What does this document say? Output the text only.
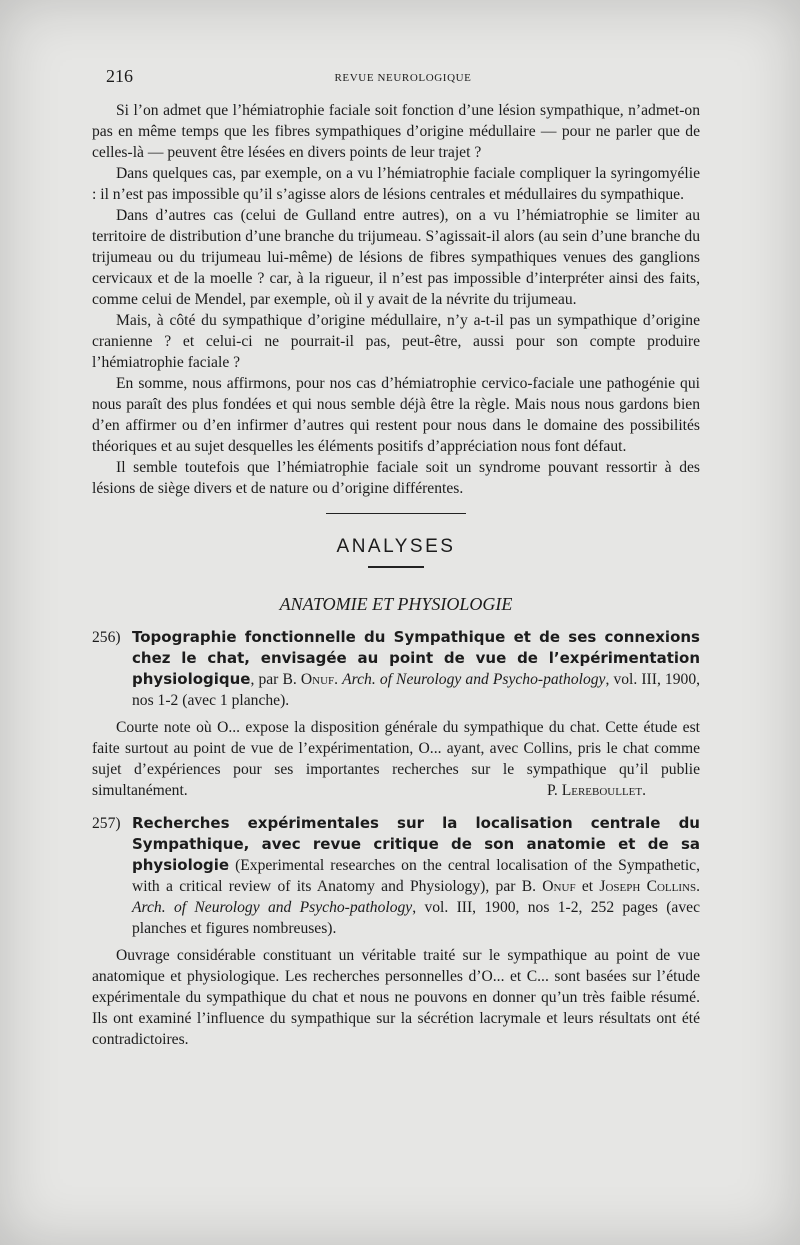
216	REVUE NEUROLOGIQUE

Si l’on admet que l’hémiatrophie faciale soit fonction d’une lésion sympathique, n’admet-on pas en même temps que les fibres sympathiques d’origine médullaire — pour ne parler que de celles-là — peuvent être lésées en divers points de leur trajet ?

Dans quelques cas, par exemple, on a vu l’hémiatrophie faciale compliquer la syringomyélie : il n’est pas impossible qu’il s’agisse alors de lésions centrales et médullaires du sympathique.

Dans d’autres cas (celui de Gulland entre autres), on a vu l’hémiatrophie se limiter au territoire de distribution d’une branche du trijumeau. S’agissait-il alors (au sein d’une branche du trijumeau ou du trijumeau lui-même) de lésions de fibres sympathiques venues des ganglions cervicaux et de la moelle ? car, à la rigueur, il n’est pas impossible d’interpréter ainsi des faits, comme celui de Mendel, par exemple, où il y avait de la névrite du trijumeau.

Mais, à côté du sympathique d’origine médullaire, n’y a-t-il pas un sympathique d’origine cranienne ? et celui-ci ne pourrait-il pas, peut-être, aussi pour son compte produire l’hémiatrophie faciale ?

En somme, nous affirmons, pour nos cas d’hémiatrophie cervico-faciale une pathogénie qui nous paraît des plus fondées et qui nous semble déjà être la règle. Mais nous nous gardons bien d’en affirmer ou d’en infirmer d’autres qui restent pour nous dans le domaine des possibilités théoriques et au sujet desquelles les éléments positifs d’appréciation nous font défaut.

Il semble toutefois que l’hémiatrophie faciale soit un syndrome pouvant ressortir à des lésions de siège divers et de nature ou d’origine différentes.

ANALYSES
ANATOMIE ET PHYSIOLOGIE
256) Topographie fonctionnelle du Sympathique et de ses connexions chez le chat, envisagée au point de vue de l’expérimentation physiologique, par B. Onuf. Arch. of Neurology and Psycho-pathology, vol. III, 1900, nos 1-2 (avec 1 planche).

Courte note où O... expose la disposition générale du sympathique du chat. Cette étude est faite surtout au point de vue de l’expérimentation, O... ayant, avec Collins, pris le chat comme sujet d’expériences pour ses importantes recherches sur le sympathique qu’il publie simultanément.	P. Lereboullet.

257) Recherches expérimentales sur la localisation centrale du Sympathique, avec revue critique de son anatomie et de sa physiologie (Experimental researches on the central localisation of the Sympathetic, with a critical review of its Anatomy and Physiology), par B. Onuf et Joseph Collins. Arch. of Neurology and Psycho-pathology, vol. III, 1900, nos 1-2, 252 pages (avec planches et figures nombreuses).

Ouvrage considérable constituant un véritable traité sur le sympathique au point de vue anatomique et physiologique. Les recherches personnelles d’O... et C... sont basées sur l’étude expérimentale du sympathique du chat et nous ne pouvons en donner qu’un très faible résumé. Ils ont examiné l’influence du sympathique sur la sécrétion lacrymale et leurs résultats ont été contradictoires.
